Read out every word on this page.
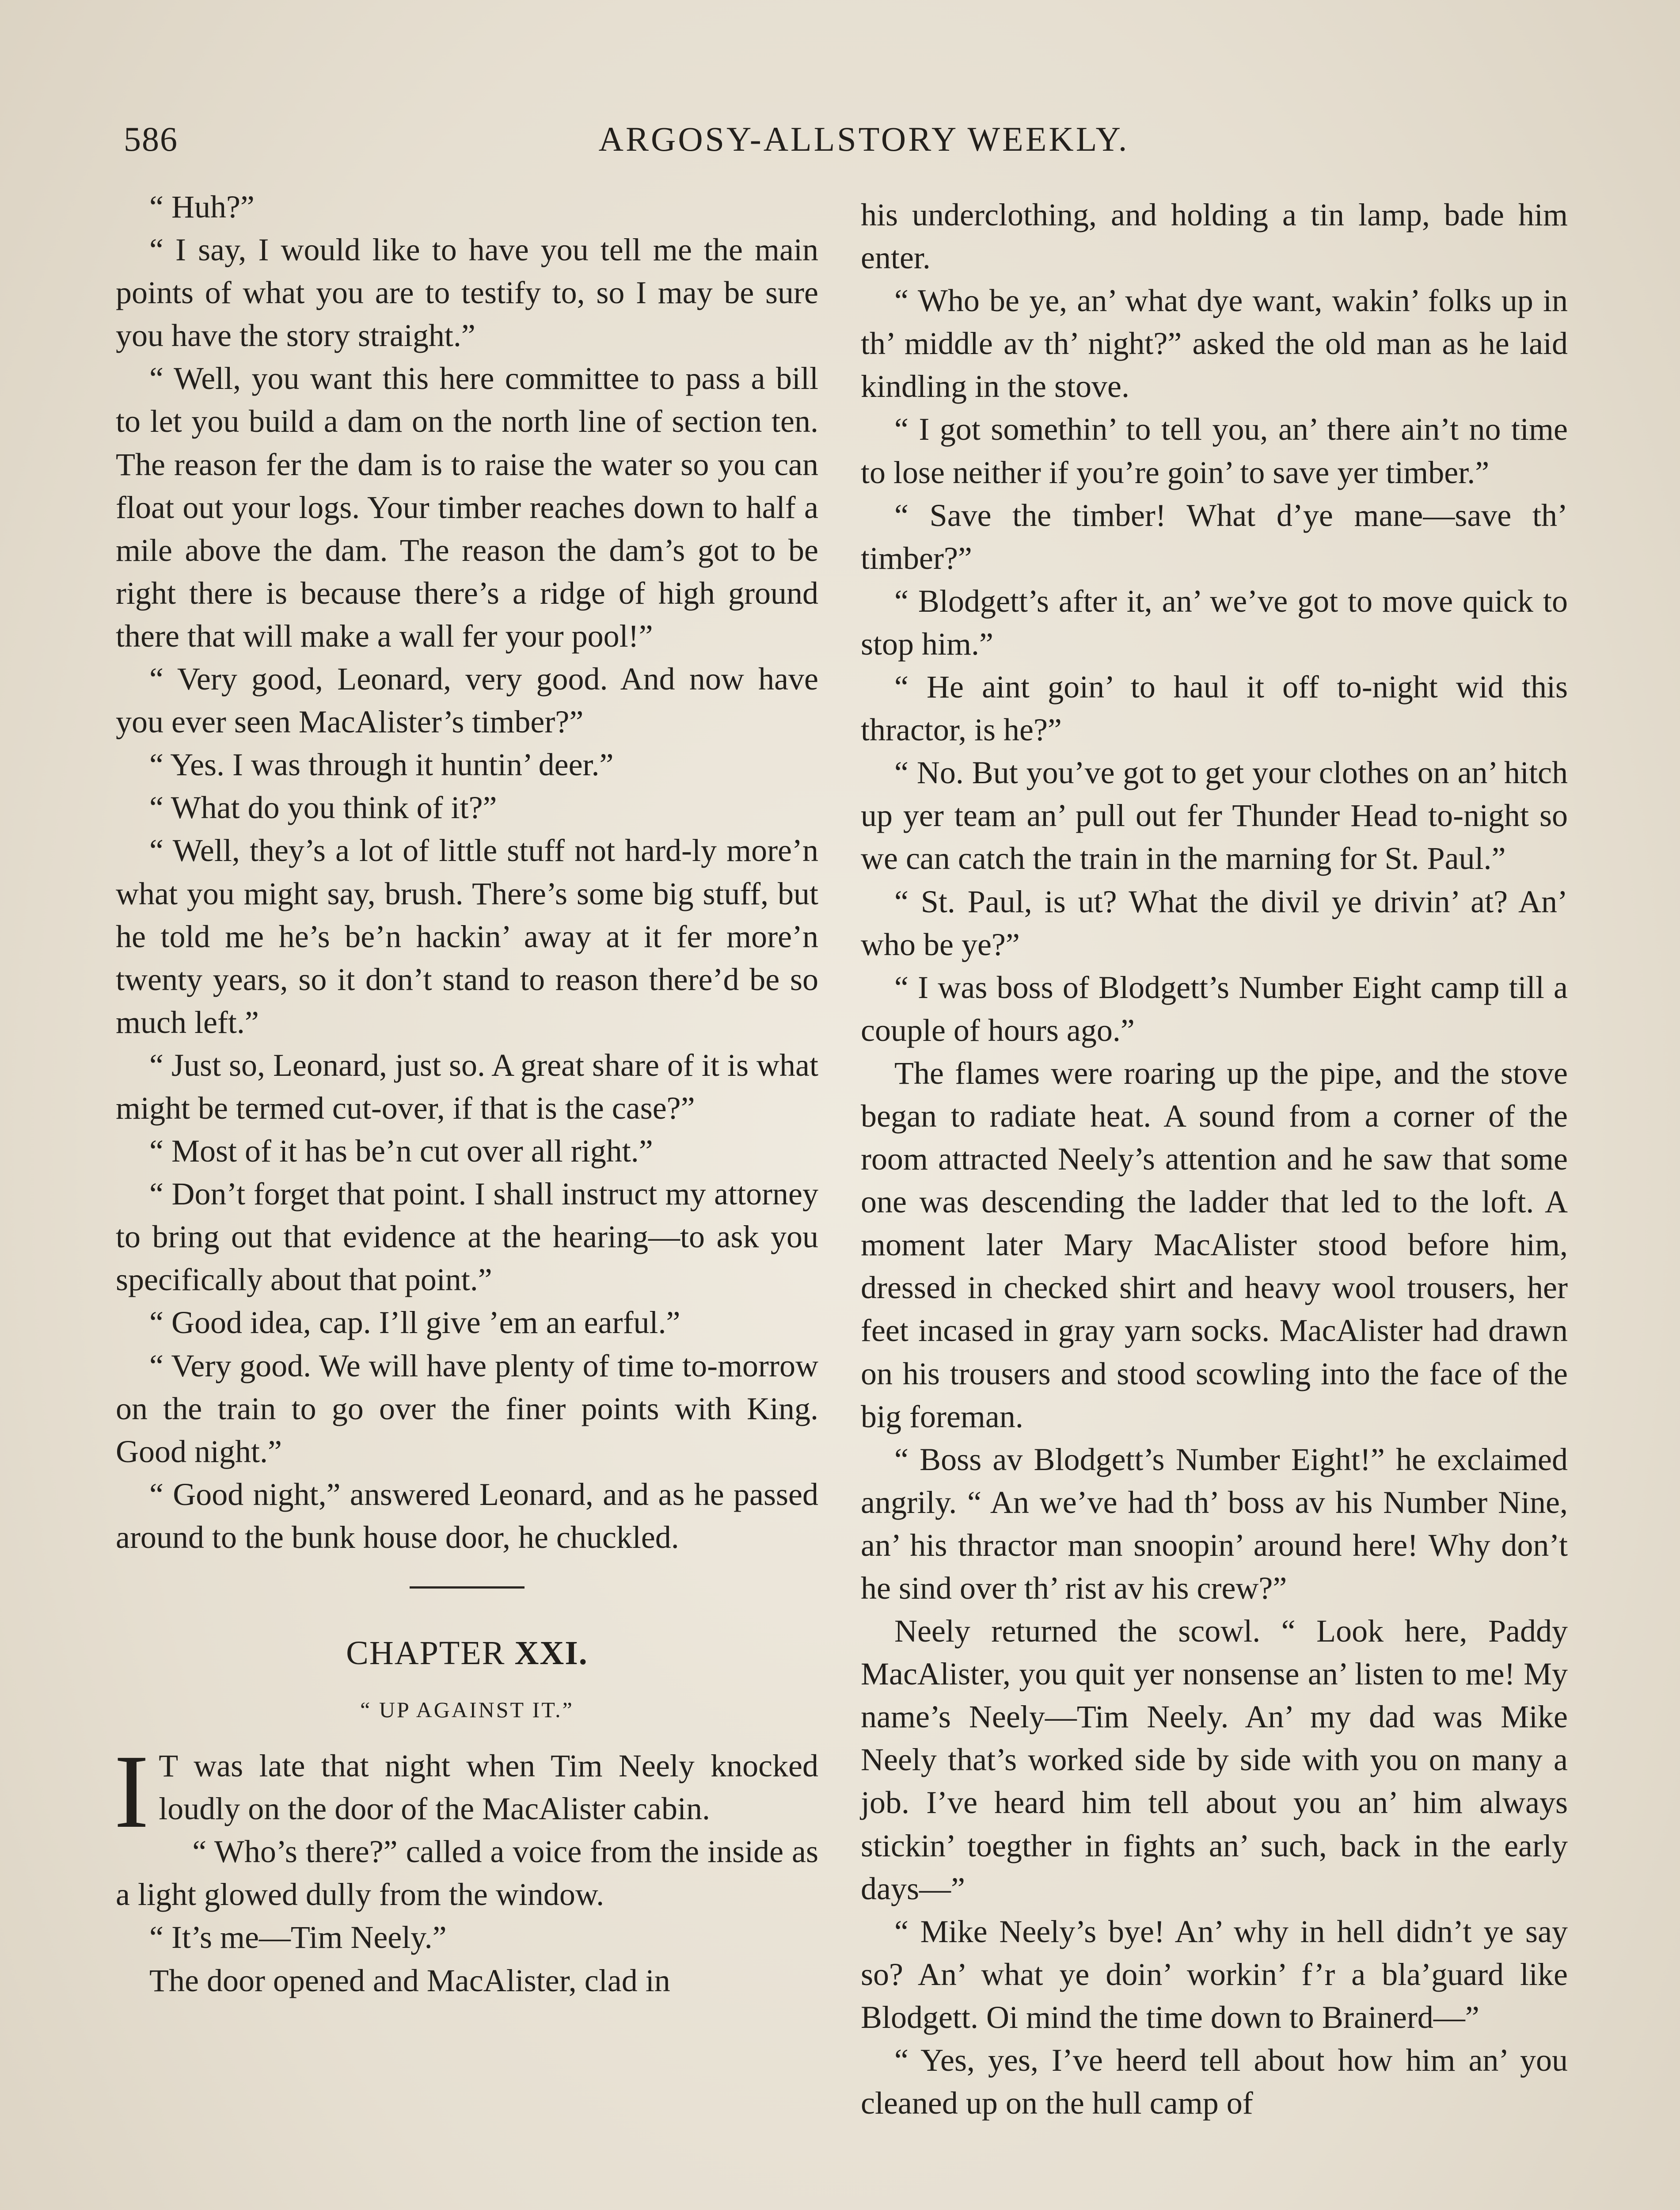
586	ARGOSY-ALLSTORY WEEKLY.

“ Huh?”

“ I say, I would like to have you tell me the main points of what you are to testify to, so I may be sure you have the story straight.”

“ Well, you want this here committee to pass a bill to let you build a dam on the north line of section ten. The reason fer the dam is to raise the water so you can float out your logs. Your timber reaches down to half a mile above the dam. The reason the dam’s got to be right there is because there’s a ridge of high ground there that will make a wall fer your pool!”

“ Very good, Leonard, very good. And now have you ever seen MacAlister’s timber?”

“ Yes. I was through it huntin’ deer.”

“ What do you think of it?”

“ Well, they’s a lot of little stuff not hard-ly more’n what you might say, brush. There’s some big stuff, but he told me he’s be’n hackin’ away at it fer more’n twenty years, so it don’t stand to reason there’d be so much left.”

“ Just so, Leonard, just so. A great share of it is what might be termed cut-over, if that is the case?”

“ Most of it has be’n cut over all right.”

“ Don’t forget that point. I shall instruct my attorney to bring out that evidence at the hearing—to ask you specifically about that point.”

“ Good idea, cap. I’ll give ’em an earful.”

“ Very good. We will have plenty of time to-morrow on the train to go over the finer points with King. Good night.”

“ Good night,” answered Leonard, and as he passed around to the bunk house door, he chuckled.

CHAPTER XXI.

“ UP AGAINST IT.”

I T was late that night when Tim Neely knocked loudly on the door of the MacAlister cabin.

“ Who’s there?” called a voice from the inside as a light glowed dully from the window.

“ It’s me—Tim Neely.”

The door opened and MacAlister, clad in

his underclothing, and holding a tin lamp, bade him enter.

“ Who be ye, an’ what dye want, wakin’ folks up in th’ middle av th’ night?” asked the old man as he laid kindling in the stove.

“ I got somethin’ to tell you, an’ there ain’t no time to lose neither if you’re goin’ to save yer timber.”

“ Save the timber! What d’ye mane—save th’ timber?”

“ Blodgett’s after it, an’ we’ve got to move quick to stop him.”

“ He aint goin’ to haul it off to-night wid this thractor, is he?”

“ No. But you’ve got to get your clothes on an’ hitch up yer team an’ pull out fer Thunder Head to-night so we can catch the train in the marning for St. Paul.”

“ St. Paul, is ut? What the divil ye drivin’ at? An’ who be ye?”

“ I was boss of Blodgett’s Number Eight camp till a couple of hours ago.”

The flames were roaring up the pipe, and the stove began to radiate heat. A sound from a corner of the room attracted Neely’s attention and he saw that some one was descending the ladder that led to the loft. A moment later Mary MacAlister stood before him, dressed in checked shirt and heavy wool trousers, her feet incased in gray yarn socks. MacAlister had drawn on his trousers and stood scowling into the face of the big foreman.

“ Boss av Blodgett’s Number Eight!” he exclaimed angrily. “ An we’ve had th’ boss av his Number Nine, an’ his thractor man snoopin’ around here! Why don’t he sind over th’ rist av his crew?”

Neely returned the scowl. “ Look here, Paddy MacAlister, you quit yer nonsense an’ listen to me! My name’s Neely—Tim Neely. An’ my dad was Mike Neely that’s worked side by side with you on many a job. I’ve heard him tell about you an’ him always stickin’ toegther in fights an’ such, back in the early days—”

“ Mike Neely’s bye! An’ why in hell didn’t ye say so? An’ what ye doin’ workin’ f’r a bla’guard like Blodgett. Oi mind the time down to Brainerd—”

“ Yes, yes, I’ve heerd tell about how him an’ you cleaned up on the hull camp of
